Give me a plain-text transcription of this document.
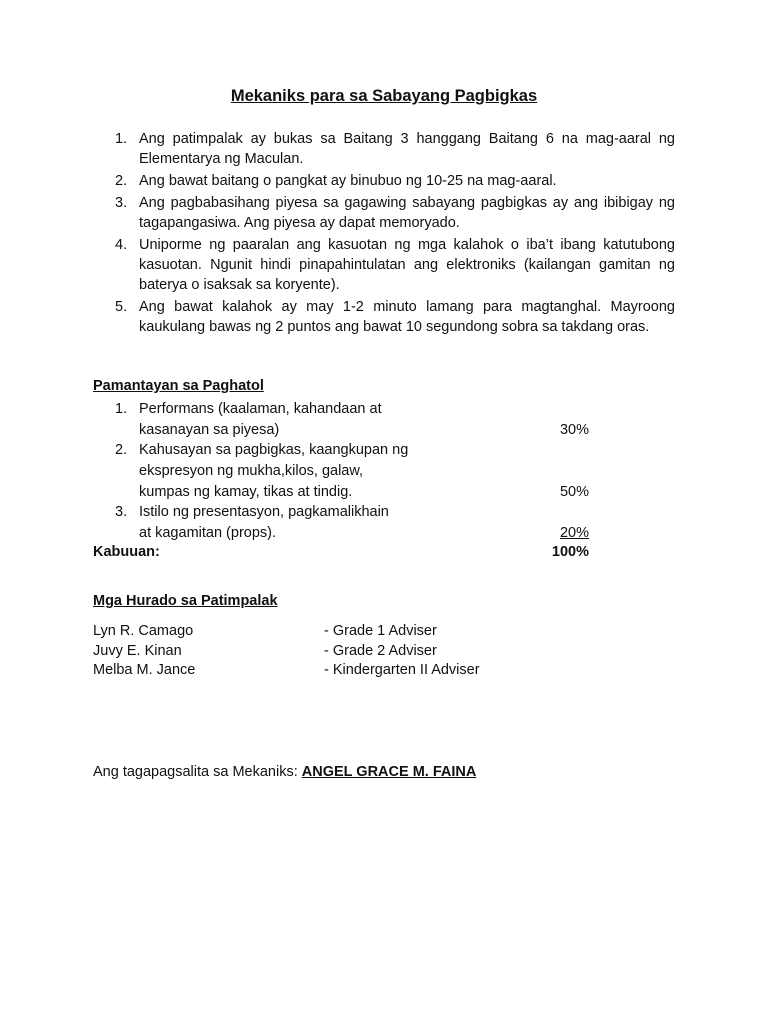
Mekaniks para sa Sabayang Pagbigkas
1. Ang patimpalak ay bukas sa Baitang 3 hanggang Baitang 6 na mag-aaral ng Elementarya ng Maculan.
2. Ang bawat baitang o pangkat ay binubuo ng 10-25 na mag-aaral.
3. Ang pagbabasihang piyesa sa gagawing sabayang pagbigkas ay ang ibibigay ng tagapangasiwa. Ang piyesa ay dapat memoryado.
4. Uniporme ng paaralan ang kasuotan ng mga kalahok o iba’t ibang katutubong kasuotan. Ngunit hindi pinapahintulatan ang elektroniks (kailangan gamitan ng baterya o isaksak sa koryente).
5. Ang bawat kalahok ay may 1-2 minuto lamang para magtanghal. Mayroong kaukulang bawas ng 2 puntos ang bawat 10 segundong sobra sa takdang oras.
Pamantayan sa Paghatol
1. Performans (kaalaman, kahandaan at
kasanayan sa piyesa)	30%
2. Kahusayan sa pagbigkas, kaangkupan ng
ekspresyon ng mukha,kilos, galaw,
kumpas ng kamay, tikas at tindig.	50%
3. Istilo ng presentasyon, pagkamalikhain
at kagamitan (props).	20%
Kabuuan:	100%
Mga Hurado sa Patimpalak
Lyn R. Camago	- Grade 1 Adviser
Juvy E. Kinan	- Grade 2 Adviser
Melba M. Jance	- Kindergarten II Adviser
Ang tagapagsalita sa Mekaniks: ANGEL GRACE M. FAINA
